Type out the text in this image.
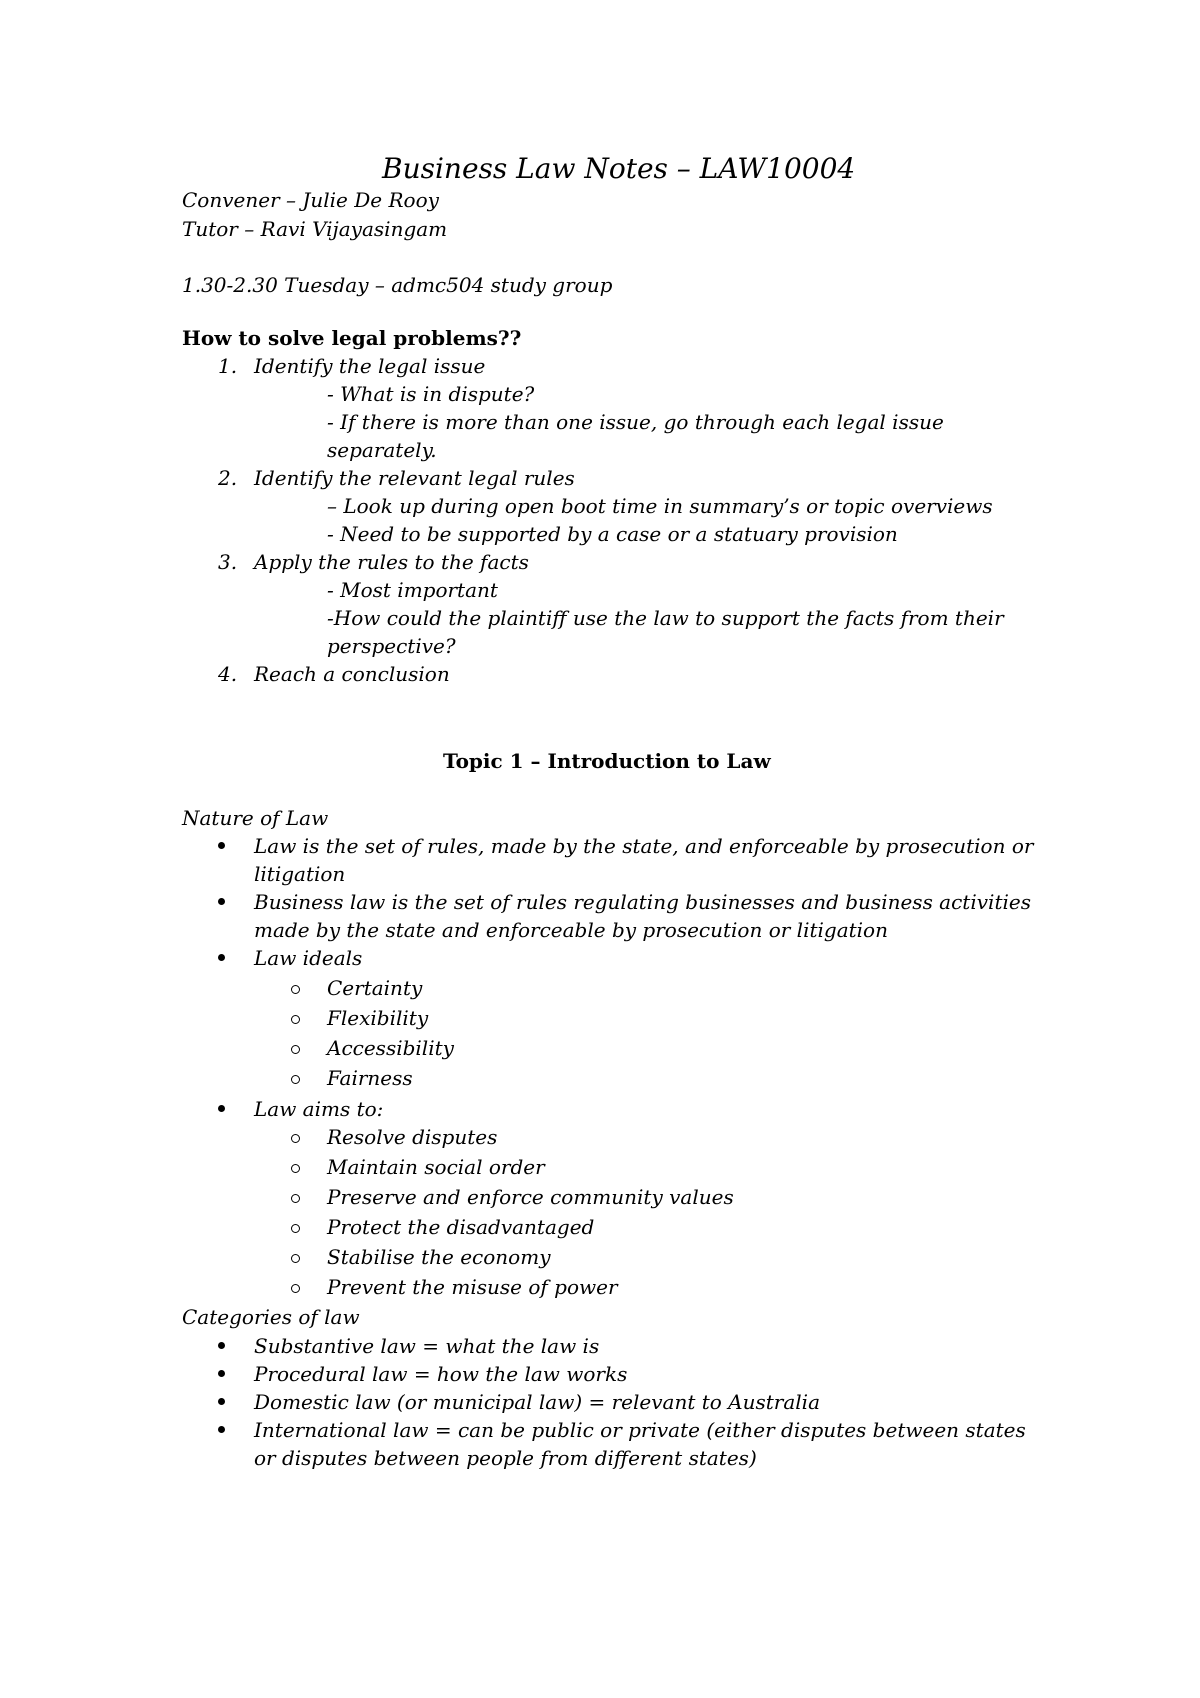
Business Law Notes – LAW10004
Convener – Julie De Rooy
Tutor – Ravi Vijayasingam
1.30-2.30 Tuesday – admc504 study group
How to solve legal problems??
1. Identify the legal issue
- What is in dispute?
- If there is more than one issue, go through each legal issue
separately.
2. Identify the relevant legal rules
– Look up during open boot time in summary’s or topic overviews
- Need to be supported by a case or a statuary provision
3. Apply the rules to the facts
- Most important
-How could the plaintiff use the law to support the facts from their
perspective?
4. Reach a conclusion
Topic 1 – Introduction to Law
Nature of Law
Law is the set of rules, made by the state, and enforceable by prosecution or
litigation
Business law is the set of rules regulating businesses and business activities
made by the state and enforceable by prosecution or litigation
Law ideals
Certainty
Flexibility
Accessibility
Fairness
Law aims to:
Resolve disputes
Maintain social order
Preserve and enforce community values
Protect the disadvantaged
Stabilise the economy
Prevent the misuse of power
Categories of law
Substantive law = what the law is
Procedural law = how the law works
Domestic law (or municipal law) = relevant to Australia
International law = can be public or private (either disputes between states
or disputes between people from different states)
